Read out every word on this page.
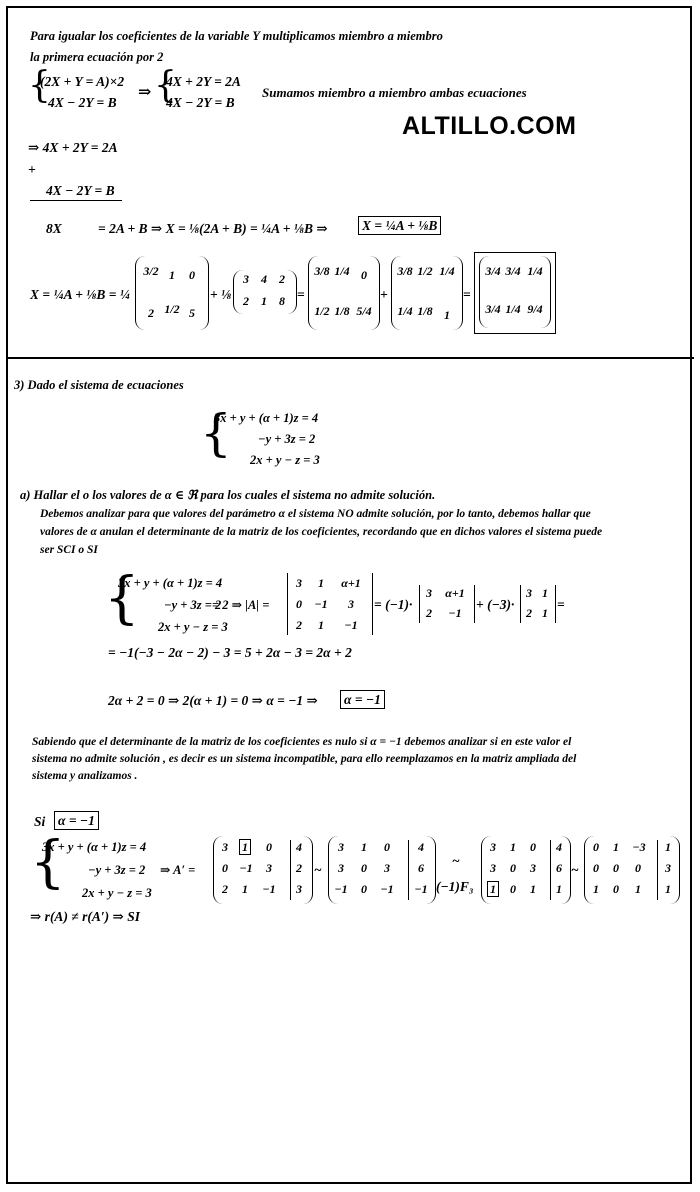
Para igualar los coeficientes de la variable Y multiplicamos miembro a miembro
la primera ecuación por 2
{
(2X + Y = A)×2
4X − 2Y = B
⇒ {
4X + 2Y = 2A
4X − 2Y = B
Sumamos miembro a miembro ambas ecuaciones
ALTILLO.COM
⇒ 4X + 2Y = 2A
+
4X − 2Y = B
8X	= 2A + B ⇒ X = ⅛(2A + B) = ¼A + ⅛B ⇒	X = ¼A + ⅛B
X = ¼A + ⅛B = ¼
3/2 1	0
2 1/2 5
+ ⅛
3	4	2
2	1	8 =
3/8 1/4 0
1/2 1/8 5/4
+
3/8 1/2 1/4
1/4 1/8 1
=
3/4 3/4 1/4
3/4 1/4 9/4
3) Dado el sistema de ecuaciones
{
3x + y + (α + 1)z = 4
−y + 3z = 2
2x + y − z = 3
a) Hallar el o los valores de α ∈ ℜ para los cuales el sistema no admite solución.
Debemos analizar para que valores del parámetro α el sistema NO admite solución, por lo tanto, debemos hallar que
valores de α anulan el determinante de la matriz de los coeficientes, recordando que en dichos valores el sistema puede
ser SCI o SI
{
3x + y + (α + 1)z = 4
−y + 3z = 2
= 2 ⇒ |A| =
2x + y − z = 3
3	1	α+1
0	−1	3
2	1	−1
= (−1)·
3	α+1
2	−1
+ (−3)·
3 1
2 1
=
= −1(−3 − 2α − 2) − 3 = 5 + 2α − 3 = 2α + 2
2α + 2 = 0 ⇒ 2(α + 1) = 0 ⇒ α = −1 ⇒ α = −1
Sabiendo que el determinante de la matriz de los coeficientes es nulo si α = −1 debemos analizar si en este valor el
sistema no admite solución , es decir es un sistema incompatible, para ello reemplazamos en la matriz ampliada del
sistema y analizamos .
Si α = −1
{
3x + y + (α + 1)z = 4
−y + 3z = 2 ⇒ A′ =
2x + y − z = 3
3	1	0	4
0 −1	3	2
2	1	−1	3
~
3	1	0	4
3	0	3	6
−1	0	−1	−1 (−1)F₃
~
3	1	0	4
3	0	3	6
1	0	1	1
~
0	1	−3	1
0	0	0	3
1	0	1	1
⇒ r(A) ≠ r(A′) ⇒ SI
